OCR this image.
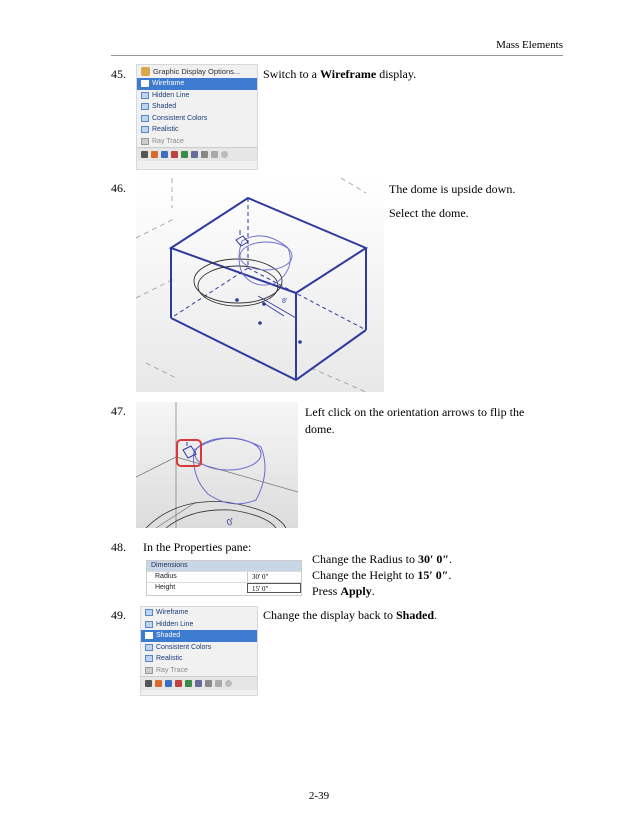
Mass Elements
45.	Graphic Display Options...
Wireframe
Hidden Line
Shaded
Consistent Colors
Realistic
Ray Trace
Switch to a Wireframe display.
46.
8'
The dome is upside down.
Select the dome.
47.
0′
Left click on the orientation arrows to flip the
dome.
48. In the Properties pane:
Dimensions
Radius	30' 0"
Height	15' 0"
Change the Radius to 30′ 0″.
Change the Height to 15′ 0″.
Press Apply.
49.	Wireframe
Hidden Line
Shaded
Consistent Colors
Realistic
Ray Trace
Change the display back to Shaded.
2-39
